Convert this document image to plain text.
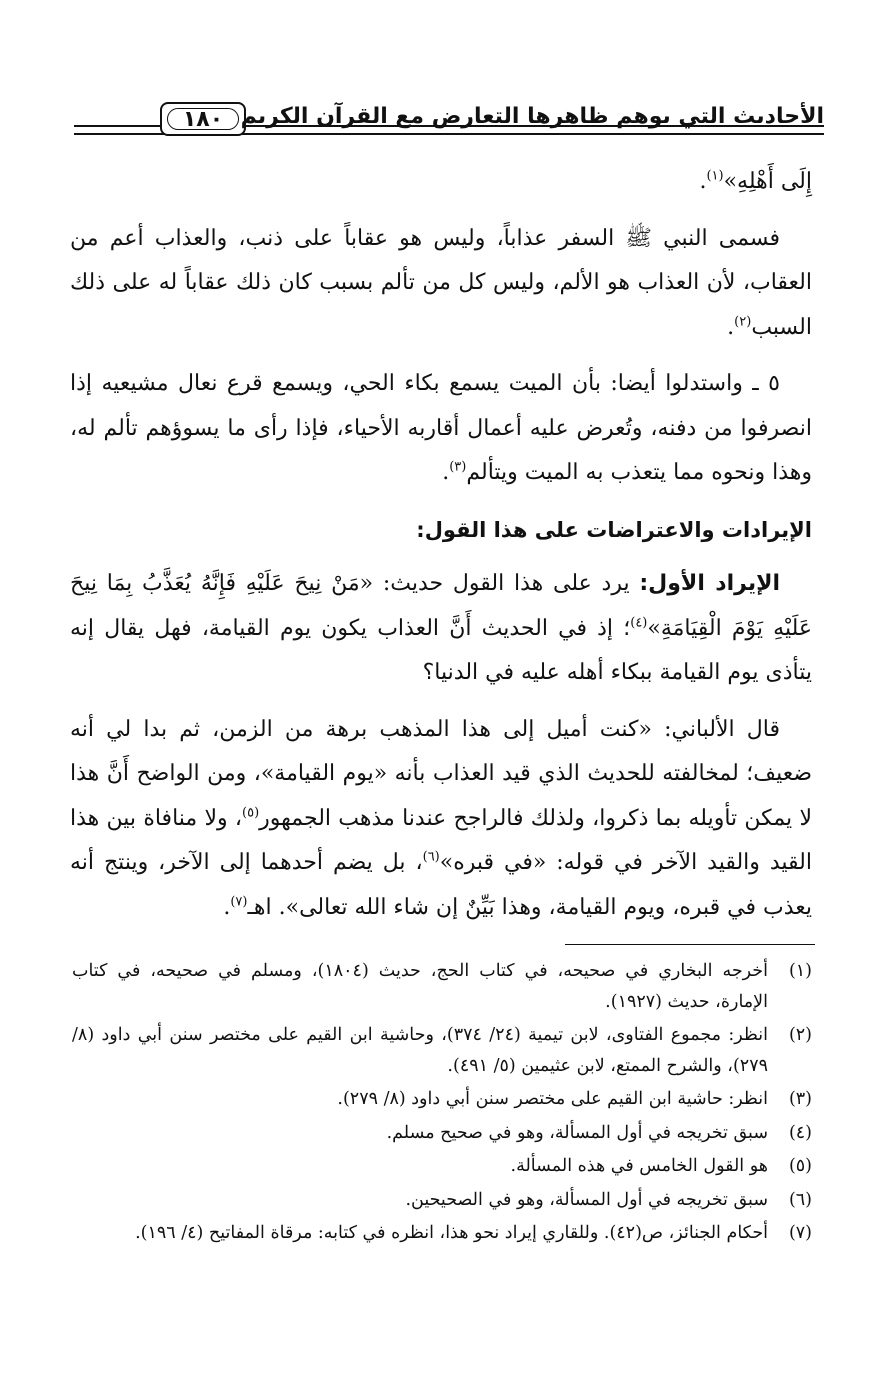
١٨٠ الأحاديث التي يوهم ظاهرها التعارض مع القرآن الكريم

إِلَى أَهْلِهِ»$^{(١)}$.

فسمى النبي ﷺ السفر عذاباً، وليس هو عقاباً على ذنب، والعذاب أعم من العقاب، لأن العذاب هو الألم، وليس كل من تألم بسبب كان ذلك عقاباً له على ذلك السبب$^{(٢)}$.

٥ ـ واستدلوا أيضا: بأن الميت يسمع بكاء الحي، ويسمع قرع نعال مشيعيه إذا انصرفوا من دفنه، وتُعرض عليه أعمال أقاربه الأحياء، فإذا رأى ما يسوؤهم تألم له، وهذا ونحوه مما يتعذب به الميت ويتألم$^{(٣)}$.

الإيرادات والاعتراضات على هذا القول:

الإيراد الأول: يرد على هذا القول حديث: «مَنْ نِيحَ عَلَيْهِ فَإِنَّهُ يُعَذَّبُ بِمَا نِيحَ عَلَيْهِ يَوْمَ الْقِيَامَةِ»$^{(٤)}$؛ إذ في الحديث أَنَّ العذاب يكون يوم القيامة، فهل يقال إنه يتأذى يوم القيامة ببكاء أهله عليه في الدنيا؟

قال الألباني: «كنت أميل إلى هذا المذهب برهة من الزمن، ثم بدا لي أنه ضعيف؛ لمخالفته للحديث الذي قيد العذاب بأنه «يوم القيامة»، ومن الواضح أَنَّ هذا لا يمكن تأويله بما ذكروا، ولذلك فالراجح عندنا مذهب الجمهور$^{(٥)}$، ولا منافاة بين هذا القيد والقيد الآخر في قوله: «في قبره»$^{(٦)}$، بل يضم أحدهما إلى الآخر، وينتج أنه يعذب في قبره، ويوم القيامة، وهذا بَيِّنٌ إن شاء الله تعالى». اهـ$^{(٧)}$.

(١)
أخرجه البخاري في صحيحه، في كتاب الحج، حديث (١٨٠٤)، ومسلم في صحيحه، في كتاب الإمارة، حديث (١٩٢٧).
(٢)
انظر: مجموع الفتاوى، لابن تيمية (٢٤/ ٣٧٤)، وحاشية ابن القيم على مختصر سنن أبي داود (٨/ ٢٧٩)، والشرح الممتع، لابن عثيمين (٥/ ٤٩١).
(٣)
انظر: حاشية ابن القيم على مختصر سنن أبي داود (٨/ ٢٧٩).
(٤)
سبق تخريجه في أول المسألة، وهو في صحيح مسلم.
(٥)
هو القول الخامس في هذه المسألة.
(٦)
سبق تخريجه في أول المسألة، وهو في الصحيحين.
(٧)
أحكام الجنائز، ص(٤٢). وللقاري إيراد نحو هذا، انظره في كتابه: مرقاة المفاتيح (٤/ ١٩٦).
